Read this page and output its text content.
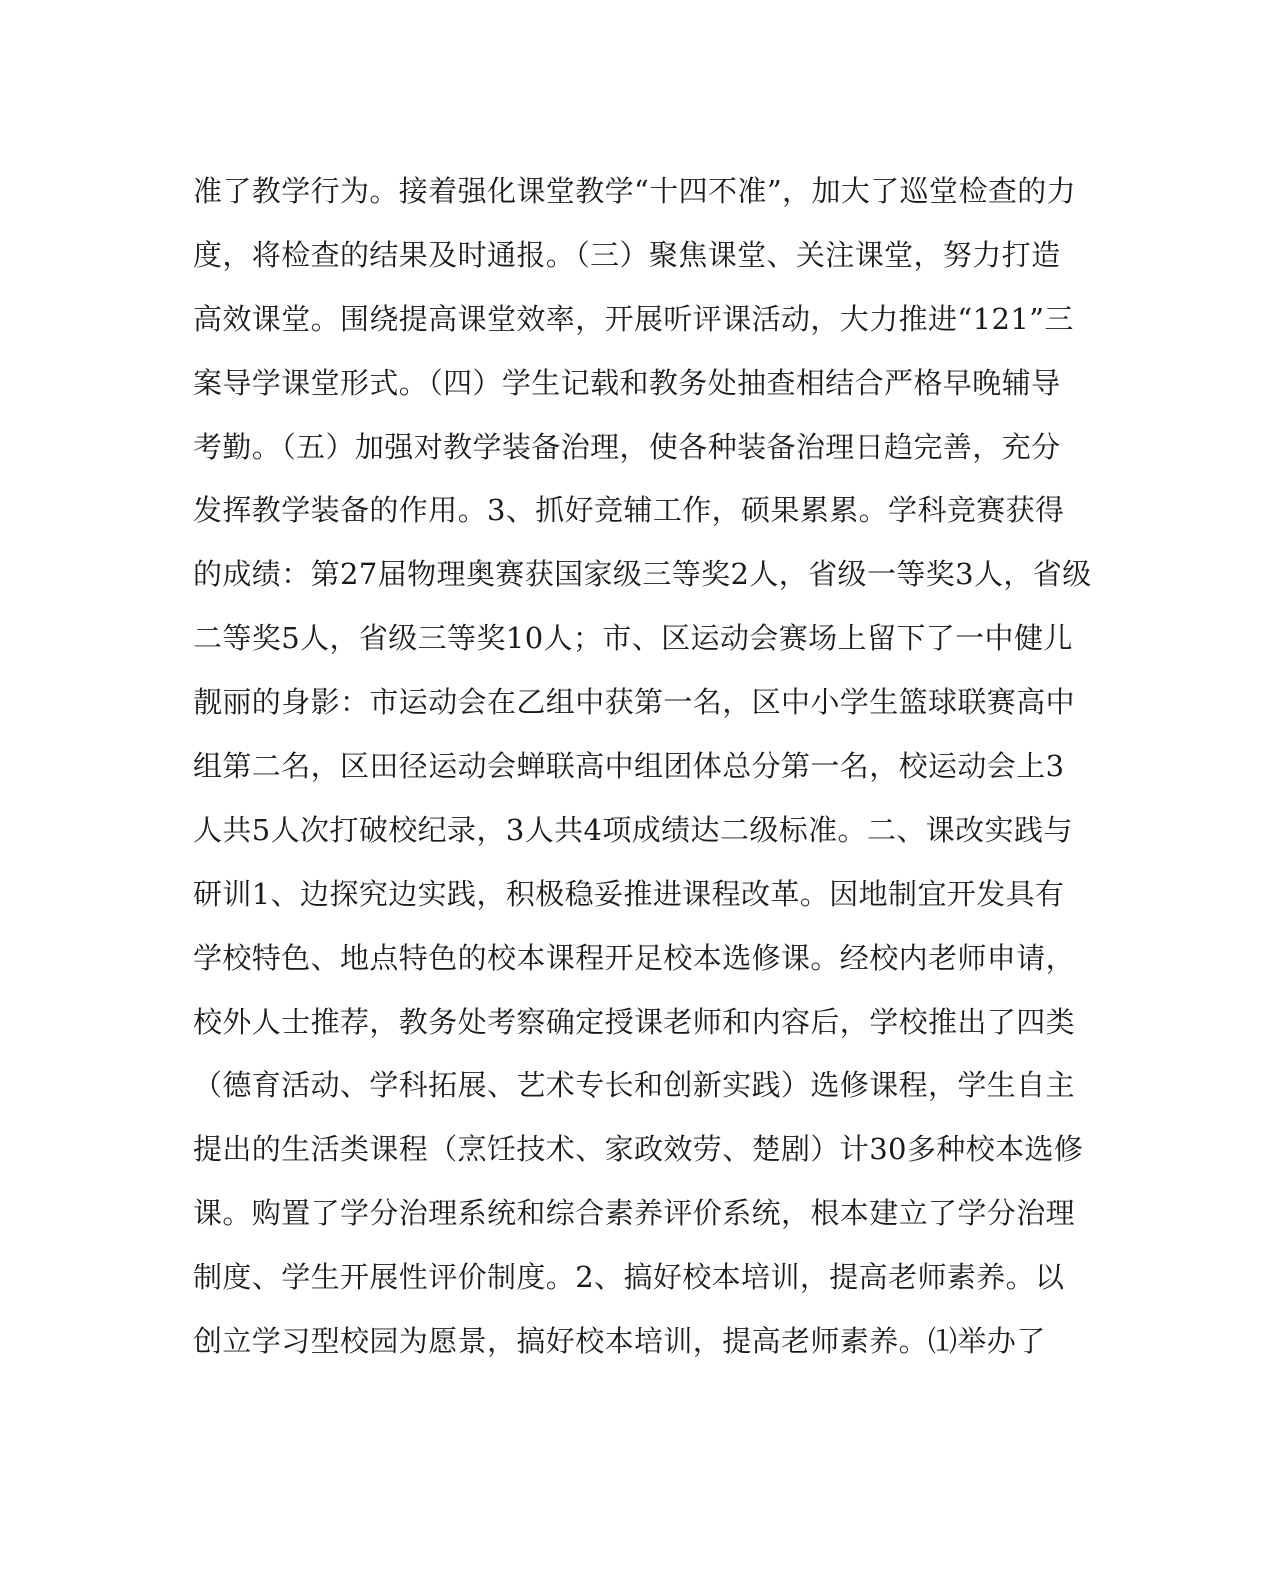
准了教学行为。接着强化课堂教学“十四不准”，加大了巡堂检查的力
度，将检查的结果及时通报。（三）聚焦课堂、关注课堂，努力打造
高效课堂。围绕提高课堂效率，开展听评课活动，大力推进“121”三
案导学课堂形式。（四）学生记载和教务处抽查相结合严格早晚辅导
考勤。（五）加强对教学装备治理，使各种装备治理日趋完善，充分
发挥教学装备的作用。3、抓好竞辅工作，硕果累累。学科竞赛获得
的成绩：第27届物理奥赛获国家级三等奖2人，省级一等奖3人，省级
二等奖5人，省级三等奖10人；市、区运动会赛场上留下了一中健儿
靓丽的身影：市运动会在乙组中获第一名，区中小学生篮球联赛高中
组第二名，区田径运动会蝉联高中组团体总分第一名，校运动会上3
人共5人次打破校纪录，3人共4项成绩达二级标准。二、课改实践与
研训1、边探究边实践，积极稳妥推进课程改革。因地制宜开发具有
学校特色、地点特色的校本课程开足校本选修课。经校内老师申请，
校外人士推荐，教务处考察确定授课老师和内容后，学校推出了四类
（德育活动、学科拓展、艺术专长和创新实践）选修课程，学生自主
提出的生活类课程（烹饪技术、家政效劳、楚剧）计30多种校本选修
课。购置了学分治理系统和综合素养评价系统，根本建立了学分治理
制度、学生开展性评价制度。2、搞好校本培训，提高老师素养。以
创立学习型校园为愿景，搞好校本培训，提高老师素养。⑴举办了
